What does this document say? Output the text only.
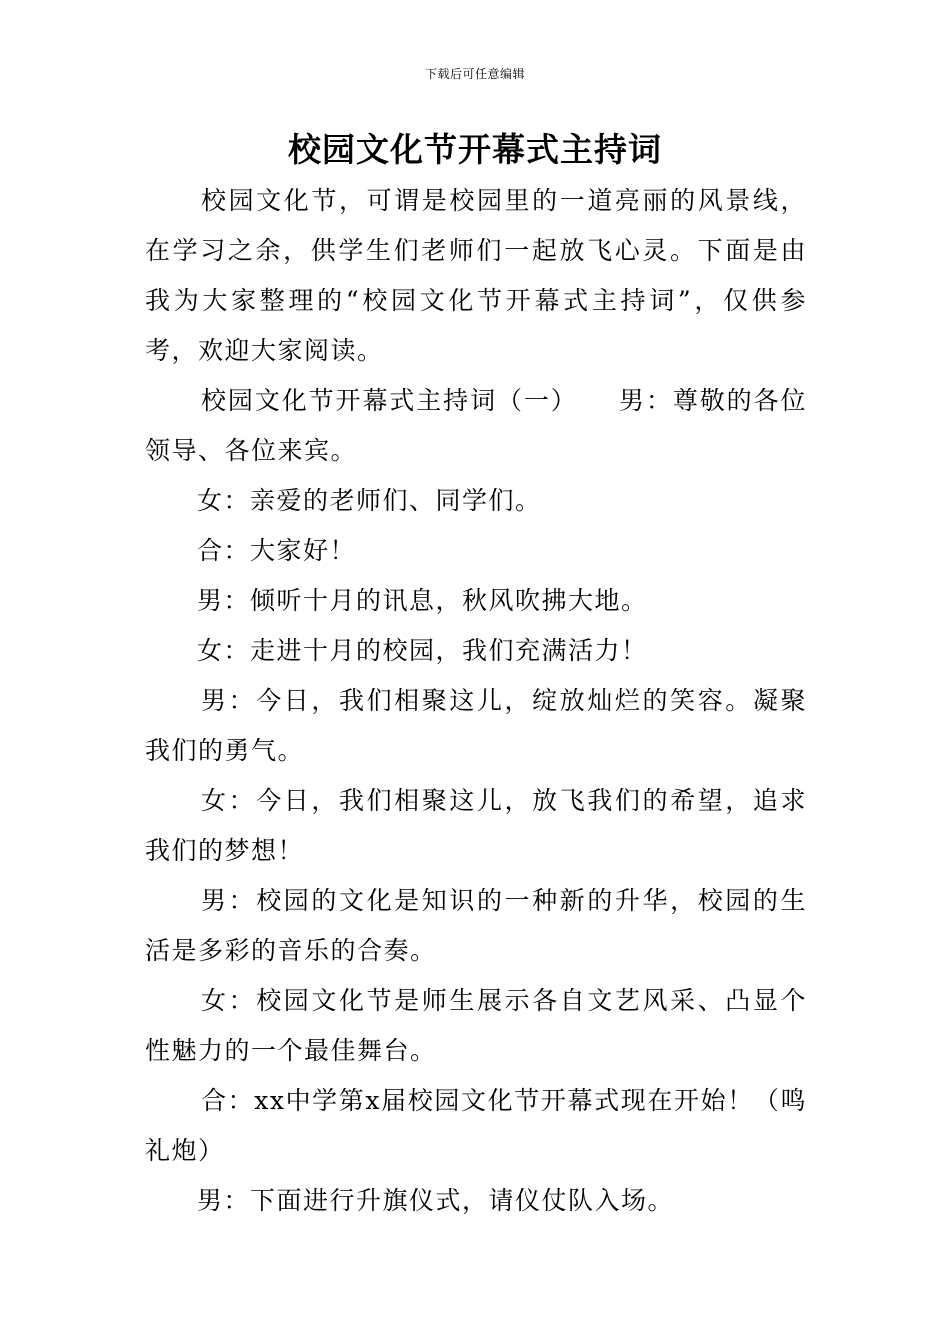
下载后可任意编辑
校园文化节开幕式主持词

校园文化节，可谓是校园里的一道亮丽的风景线，在学习之余，供学生们老师们一起放飞心灵。下面是由我为大家整理的“校园文化节开幕式主持词”，仅供参考，欢迎大家阅读。

校园文化节开幕式主持词（一）　　男：尊敬的各位领导、各位来宾。

女：亲爱的老师们、同学们。

合：大家好！

男：倾听十月的讯息，秋风吹拂大地。

女：走进十月的校园，我们充满活力！

男：今日，我们相聚这儿，绽放灿烂的笑容。凝聚我们的勇气。

女：今日，我们相聚这儿，放飞我们的希望，追求我们的梦想！

男：校园的文化是知识的一种新的升华，校园的生活是多彩的音乐的合奏。

女：校园文化节是师生展示各自文艺风采、凸显个性魅力的一个最佳舞台。

合：xx中学第x届校园文化节开幕式现在开始！（鸣礼炮）

男：下面进行升旗仪式，请仪仗队入场。
